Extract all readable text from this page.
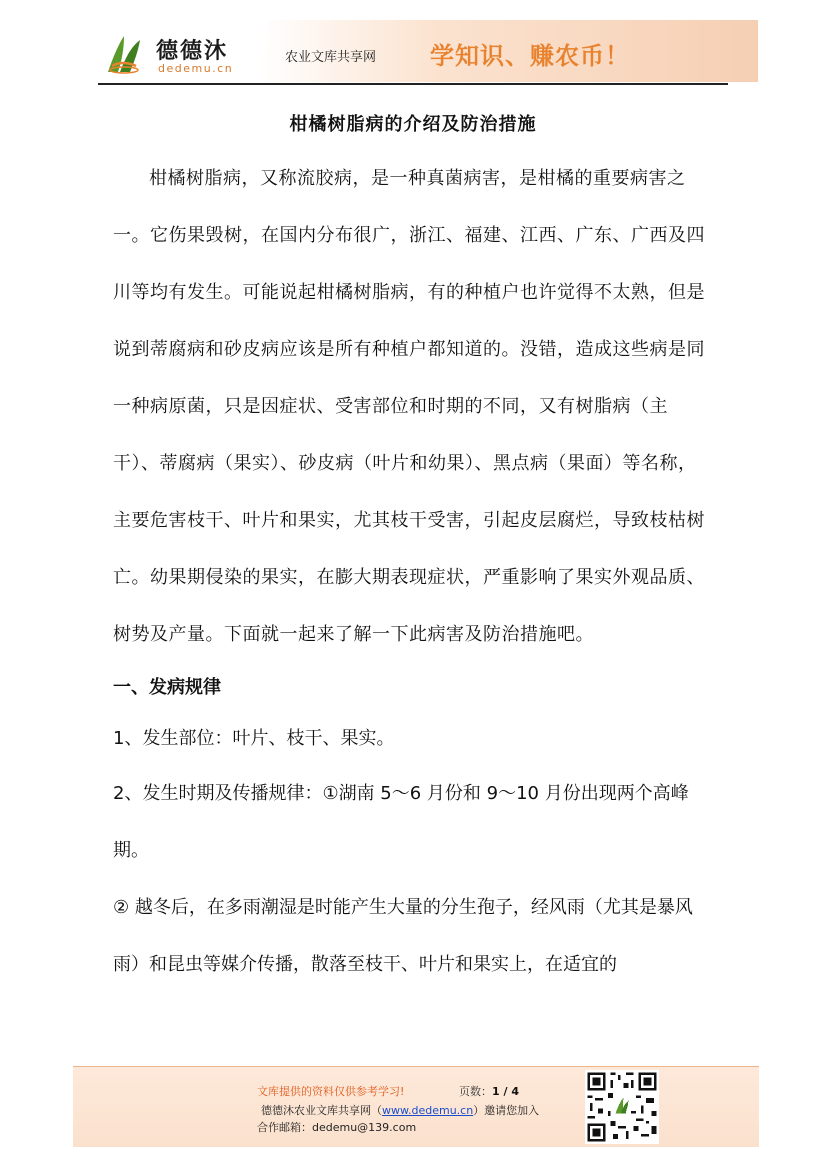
德德沐
dedemu.cn
农业文库共享网 学知识、赚农币！
柑橘树脂病的介绍及防治措施

柑橘树脂病，又称流胶病，是一种真菌病害，是柑橘的重要病害之一。它伤果毁树，在国内分布很广，浙江、福建、江西、广东、广西及四川等均有发生。可能说起柑橘树脂病，有的种植户也许觉得不太熟，但是说到蒂腐病和砂皮病应该是所有种植户都知道的。没错，造成这些病是同一种病原菌，只是因症状、受害部位和时期的不同，又有树脂病（主干）、蒂腐病（果实）、砂皮病（叶片和幼果）、黑点病（果面）等名称，主要危害枝干、叶片和果实，尤其枝干受害，引起皮层腐烂，导致枝枯树亡。幼果期侵染的果实，在膨大期表现症状，严重影响了果实外观品质、树势及产量。下面就一起来了解一下此病害及防治措施吧。

一、发病规律

1、发生部位：叶片、枝干、果实。

2、发生时期及传播规律：①湖南 5～6 月份和 9～10 月份出现两个高峰期。

② 越冬后，在多雨潮湿是时能产生大量的分生孢子，经风雨（尤其是暴风雨）和昆虫等媒介传播，散落至枝干、叶片和果实上，在适宜的

文库提供的资料仅供参考学习!	页数：1 / 4
德德沐农业文库共享网（www.dedemu.cn）邀请您加入
合作邮箱：dedemu@139.com
